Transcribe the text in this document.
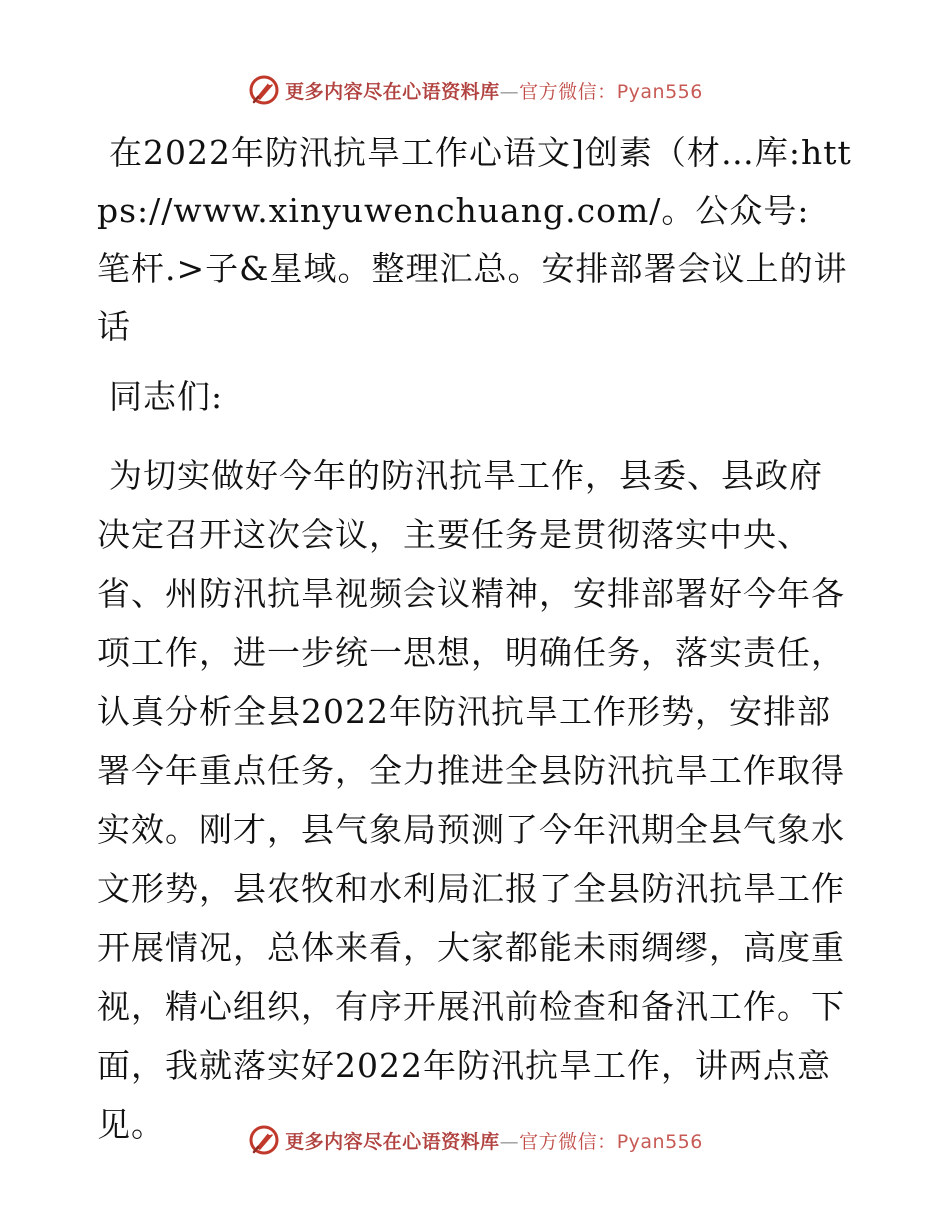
更多内容尽在心语资料库—官方微信：Pyan556

在2022年防汛抗旱工作心语文]创素（材…库:https://www.xinyuwenchuang.com/。公众号: 笔杆.>子&星域。整理汇总。安排部署会议上的讲话

同志们:

为切实做好今年的防汛抗旱工作，县委、县政府决定召开这次会议，主要任务是贯彻落实中央、省、州防汛抗旱视频会议精神，安排部署好今年各项工作，进一步统一思想，明确任务，落实责任，认真分析全县2022年防汛抗旱工作形势，安排部署今年重点任务，全力推进全县防汛抗旱工作取得实效。刚才，县气象局预测了今年汛期全县气象水文形势，县农牧和水利局汇报了全县防汛抗旱工作开展情况，总体来看，大家都能未雨绸缪，高度重视，精心组织，有序开展汛前检查和备汛工作。下面，我就落实好2022年防汛抗旱工作，讲两点意见。	更多内容尽在心语资料库—官方微信：Pyan556
